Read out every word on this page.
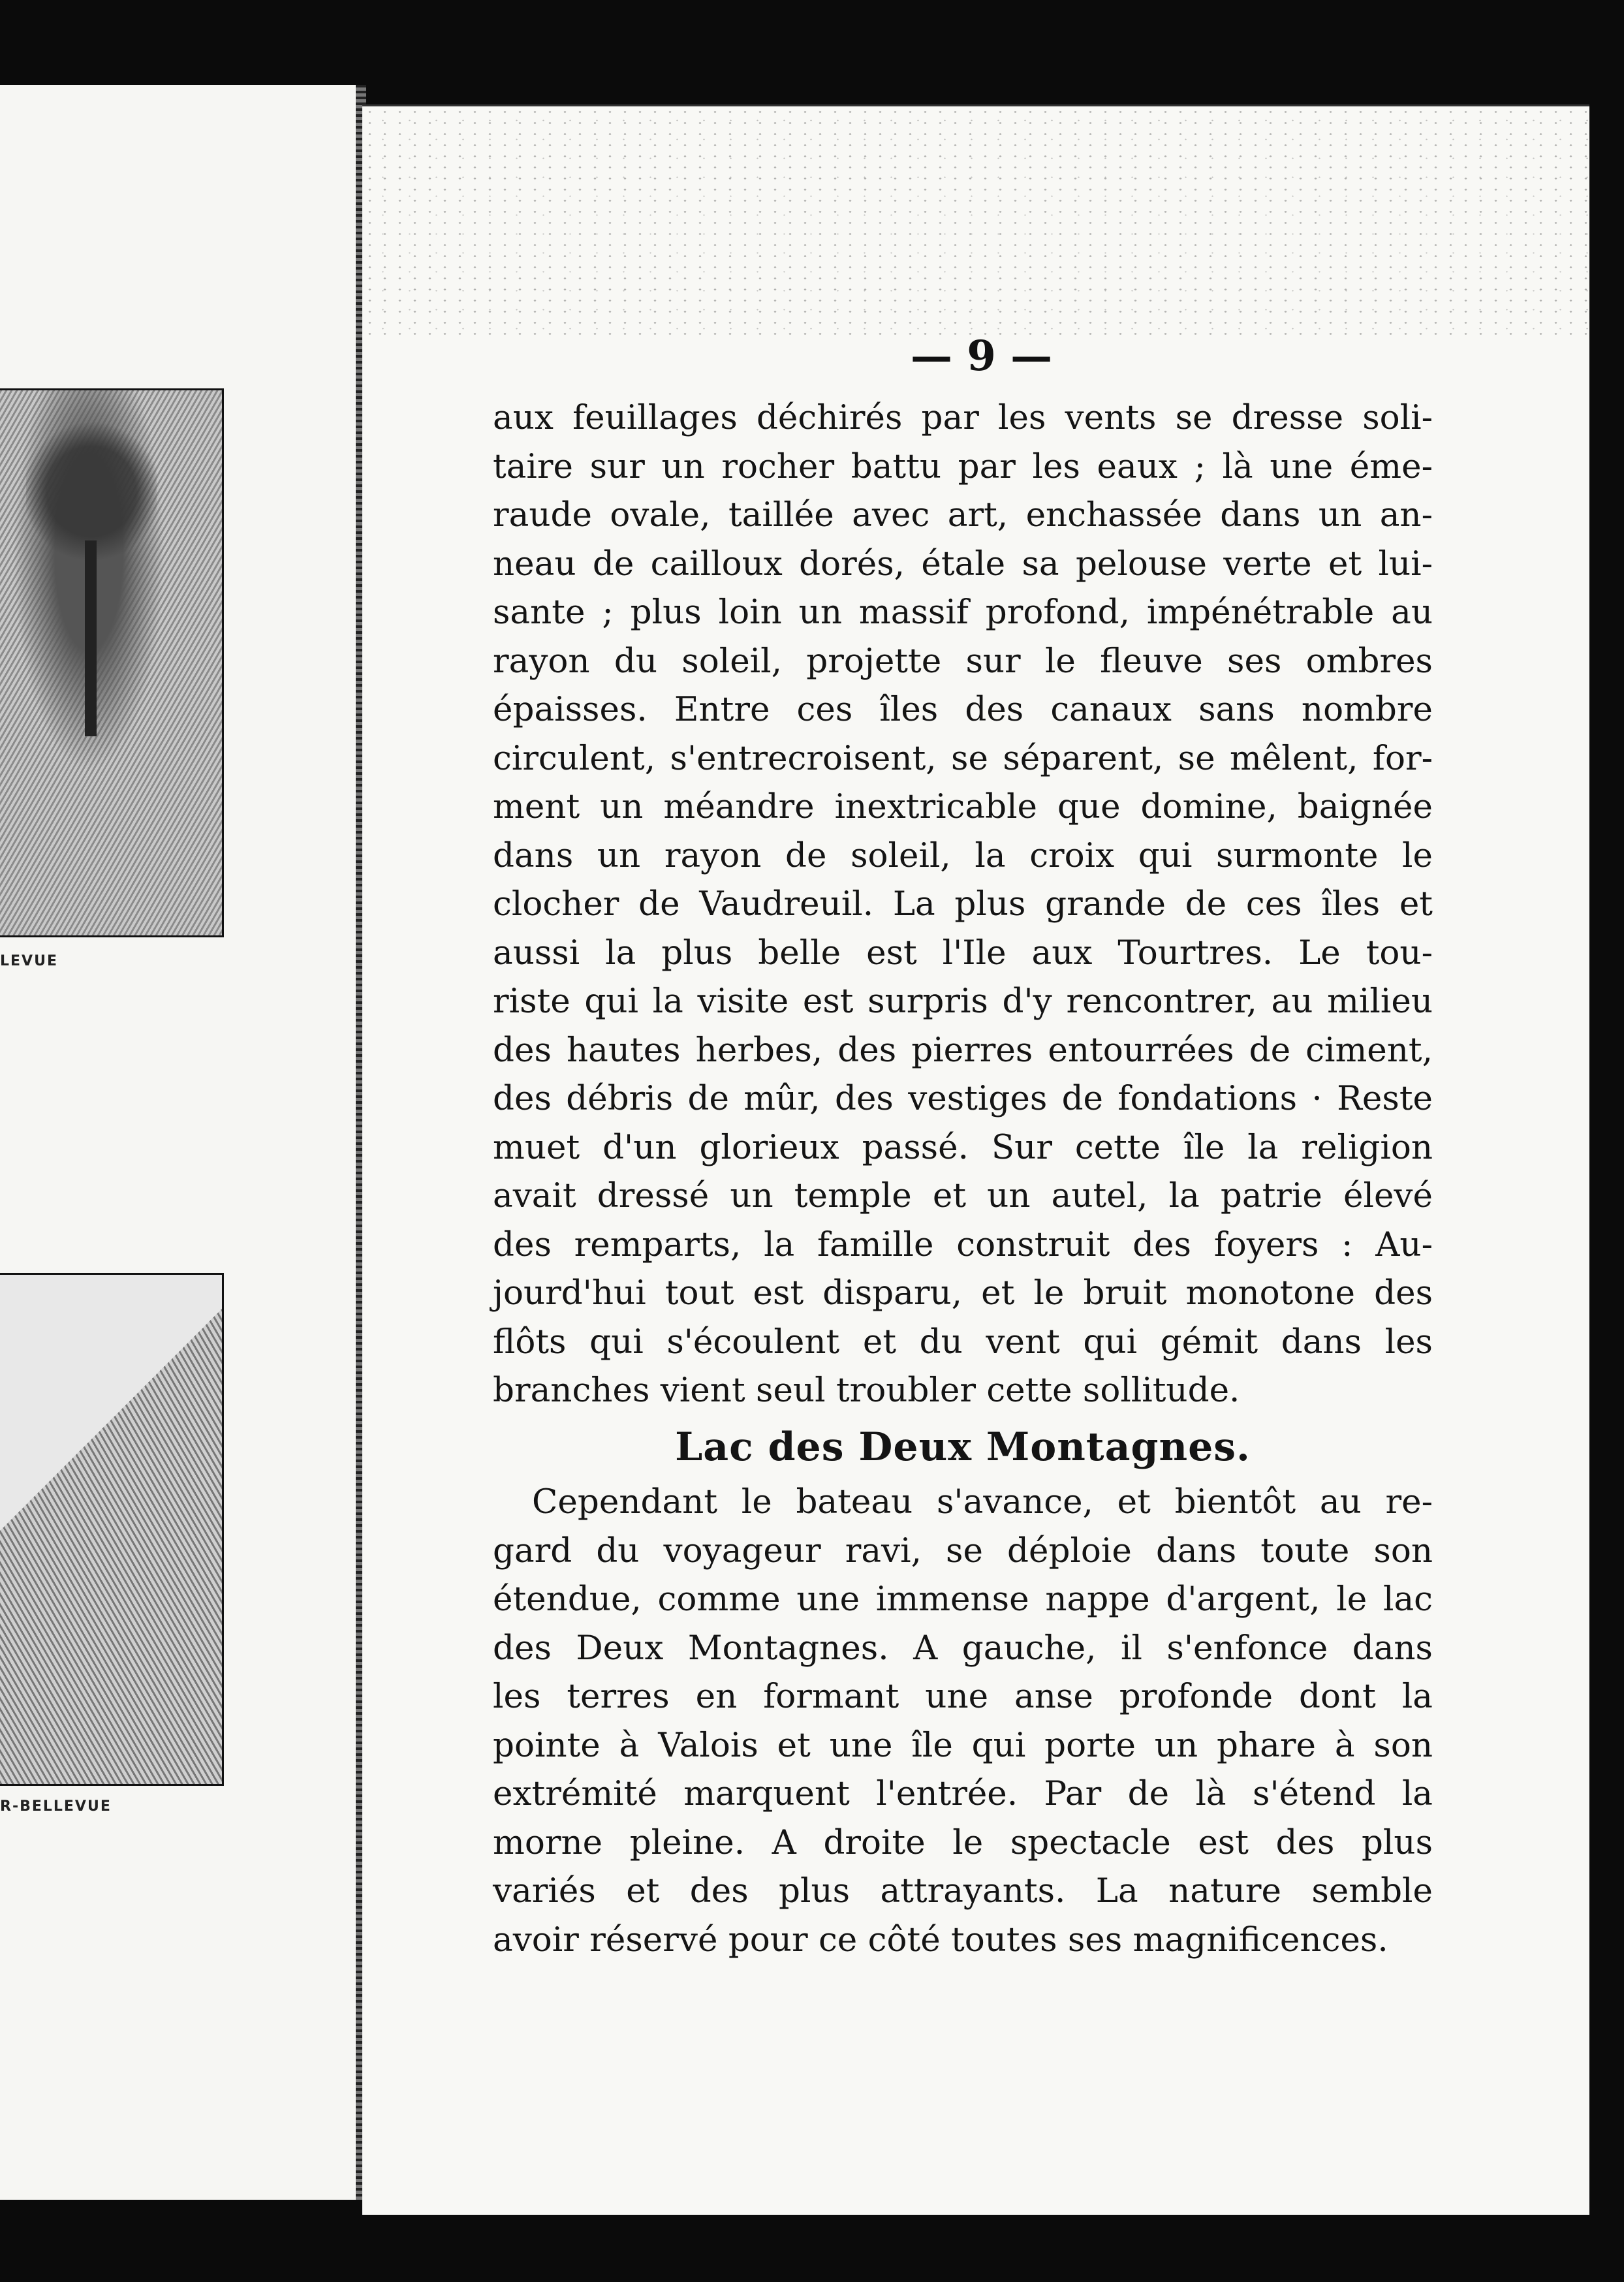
LEVUE
R-BELLEVUE
— 9 —
aux feuillages déchirés par les vents se dresse soli-
taire sur un rocher battu par les eaux ; là une éme-
raude ovale, taillée avec art, enchassée dans un an-
neau de cailloux dorés, étale sa pelouse verte et lui-
sante ; plus loin un massif profond, impénétrable au
rayon du soleil, projette sur le fleuve ses ombres
épaisses. Entre ces îles des canaux sans nombre
circulent, s'entrecroisent, se séparent, se mêlent, for-
ment un méandre inextricable que domine, baignée
dans un rayon de soleil, la croix qui surmonte le
clocher de Vaudreuil. La plus grande de ces îles et
aussi la plus belle est l'Ile aux Tourtres. Le tou-
riste qui la visite est surpris d'y rencontrer, au milieu
des hautes herbes, des pierres entourrées de ciment,
des débris de mûr, des vestiges de fondations · Reste
muet d'un glorieux passé. Sur cette île la religion
avait dressé un temple et un autel, la patrie élevé
des remparts, la famille construit des foyers : Au-
jourd'hui tout est disparu, et le bruit monotone des
flôts qui s'écoulent et du vent qui gémit dans les
branches vient seul troubler cette sollitude.
Lac des Deux Montagnes.
Cependant le bateau s'avance, et bientôt au re-
gard du voyageur ravi, se déploie dans toute son
étendue, comme une immense nappe d'argent, le lac
des Deux Montagnes. A gauche, il s'enfonce dans
les terres en formant une anse profonde dont la
pointe à Valois et une île qui porte un phare à son
extrémité marquent l'entrée. Par de là s'étend la
morne pleine. A droite le spectacle est des plus
variés et des plus attrayants. La nature semble
avoir réservé pour ce côté toutes ses magnificences.
